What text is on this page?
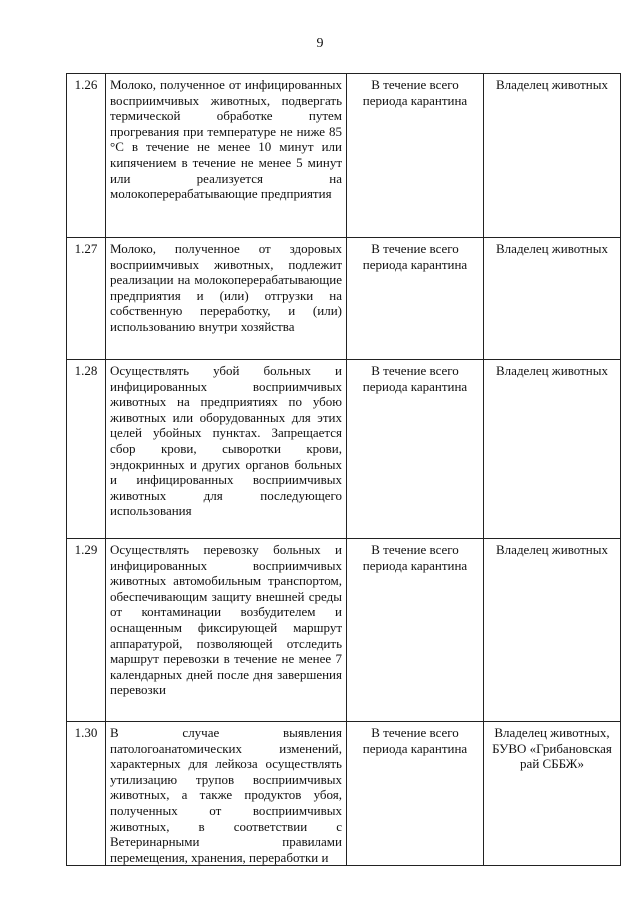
9
1.26	Молоко, полученное от инфицированных восприимчивых животных, подвергать термической обработке путем прогревания при температуре не ниже 85 °С в течение не менее 10 минут или кипячением в течение не менее 5 минут или реализуется на молокоперерабатывающие предприятия	В течение всего периода карантина	Владелец животных
1.27	Молоко, полученное от здоровых восприимчивых животных, подлежит реализации на молокоперерабатывающие предприятия и (или) отгрузки на собственную переработку, и (или) использованию внутри хозяйства	В течение всего периода карантина	Владелец животных
1.28	Осуществлять убой больных и инфицированных восприимчивых животных на предприятиях по убою животных или оборудованных для этих целей убойных пунктах. Запрещается сбор крови, сыворотки крови, эндокринных и других органов больных и инфицированных восприимчивых животных для последующего использования	В течение всего периода карантина	Владелец животных
1.29	Осуществлять перевозку больных и инфицированных восприимчивых животных автомобильным транспортом, обеспечивающим защиту внешней среды от контаминации возбудителем и оснащенным фиксирующей маршрут аппаратурой, позволяющей отследить маршрут перевозки в течение не менее 7 календарных дней после дня завершения перевозки	В течение всего периода карантина	Владелец животных
1.30	В случае выявления патологоанатомических изменений, характерных для лейкоза осуществлять утилизацию трупов восприимчивых животных, а также продуктов убоя, полученных от восприимчивых животных, в соответствии с Ветеринарными правилами перемещения, хранения, переработки и	В течение всего периода карантина	Владелец животных, БУВО «Грибановская рай СББЖ»
